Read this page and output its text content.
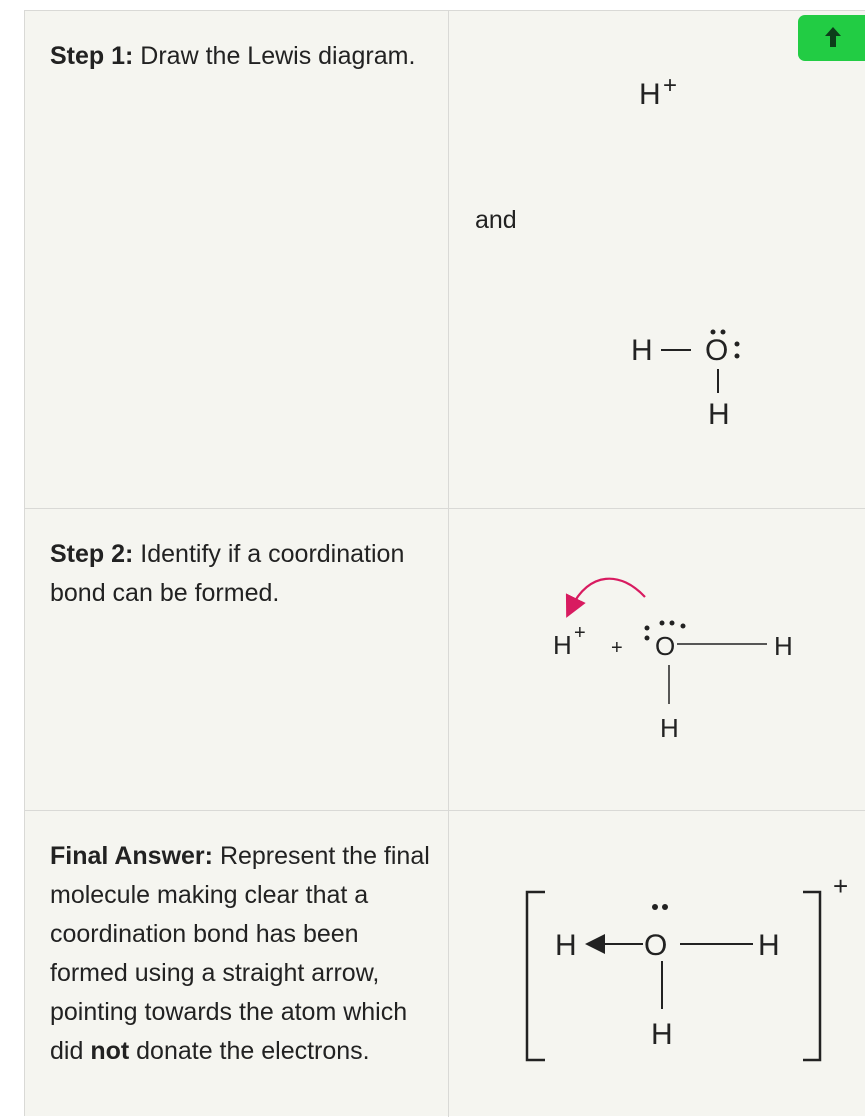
Step 1: Draw the Lewis diagram.
and
H +
H O
H
Step 2: Identify if a coordination bond can be formed.
H +
+ O	H
H
Final Answer: Represent the final molecule making clear that a coordination bond has been formed using a straight arrow, pointing towards the atom which did not donate the electrons.
+
H O	H
H
